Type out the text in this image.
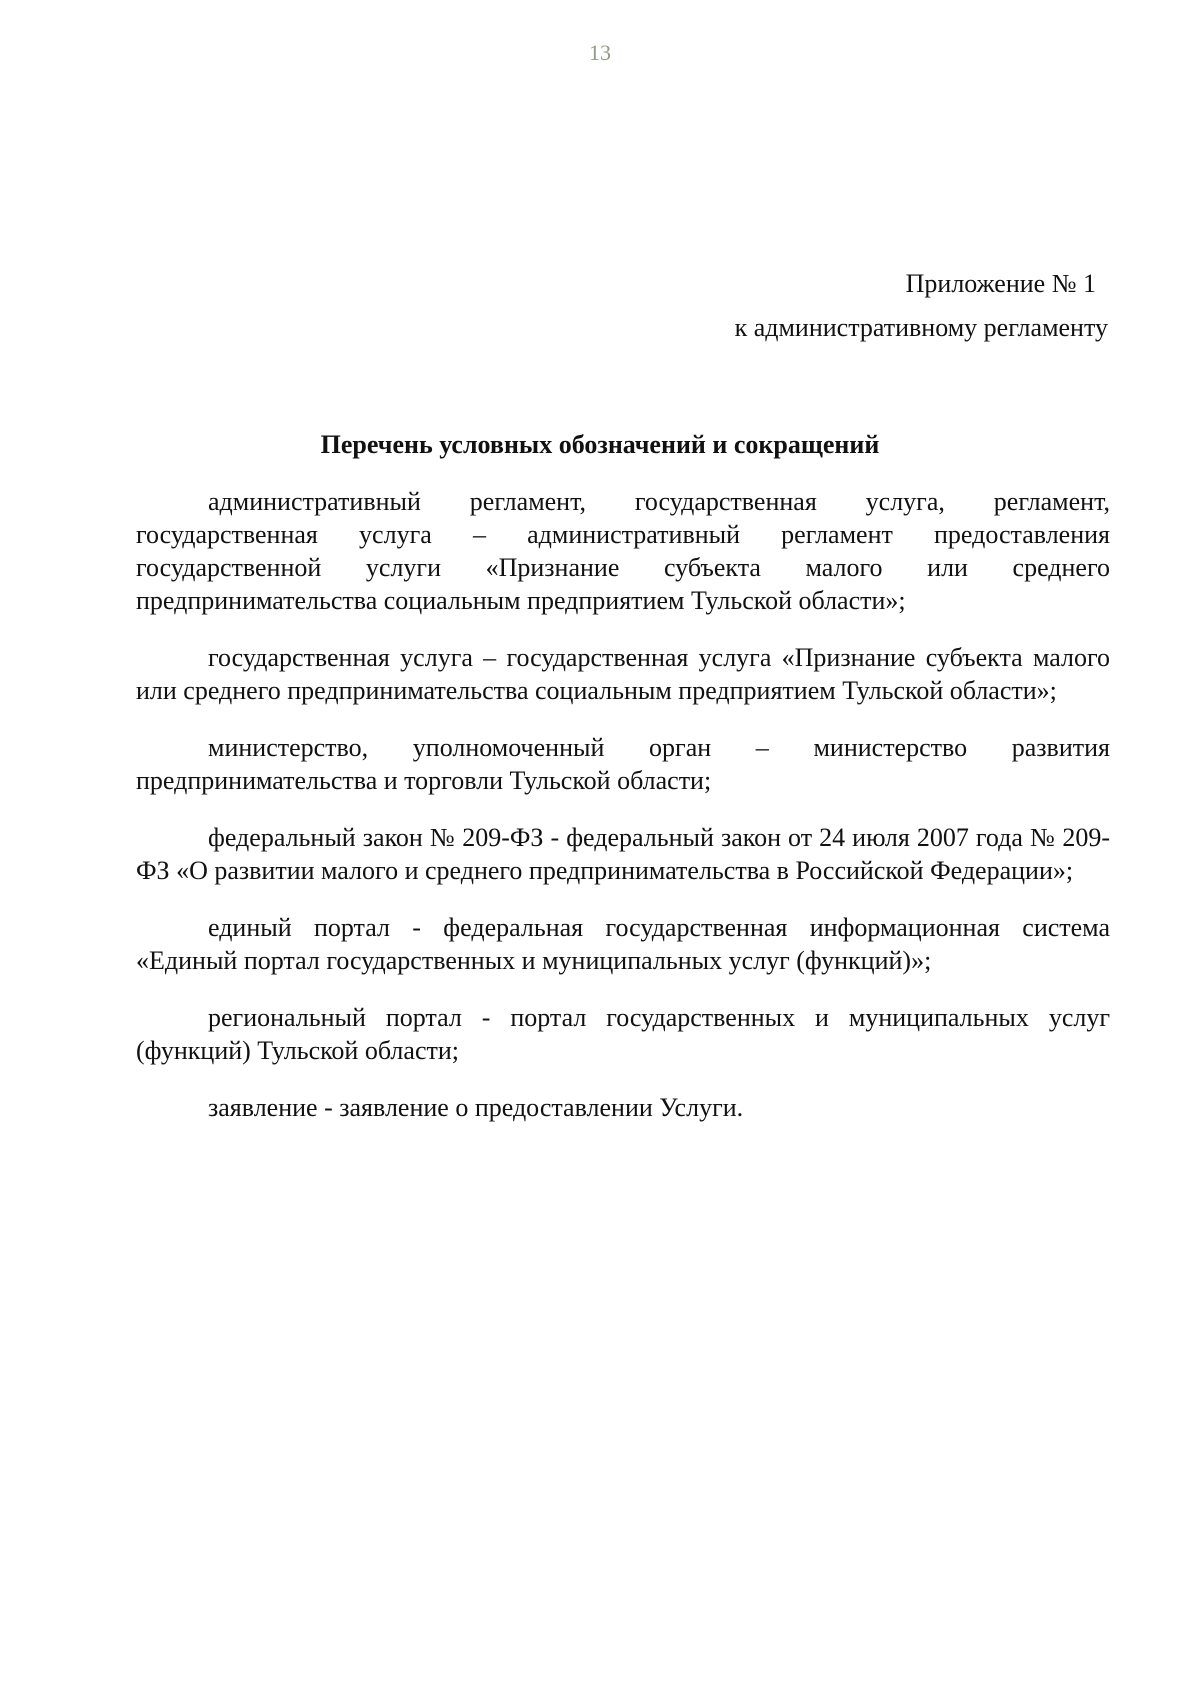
13
Приложение № 1
к административному регламенту
Перечень условных обозначений и сокращений

административный регламент, государственная услуга, регламент, государственная услуга – административный регламент предоставления государственной услуги «Признание субъекта малого или среднего предпринимательства социальным предприятием Тульской области»;

государственная услуга – государственная услуга «Признание субъекта малого или среднего предпринимательства социальным предприятием Тульской области»;

министерство, уполномоченный орган – министерство развития предпринимательства и торговли Тульской области;

федеральный закон № 209-ФЗ - федеральный закон от 24 июля 2007 года № 209-ФЗ «О развитии малого и среднего предпринимательства в Российской Федерации»;

единый портал - федеральная государственная информационная система «Единый портал государственных и муниципальных услуг (функций)»;

региональный портал - портал государственных и муниципальных услуг (функций) Тульской области;

заявление - заявление о предоставлении Услуги.
